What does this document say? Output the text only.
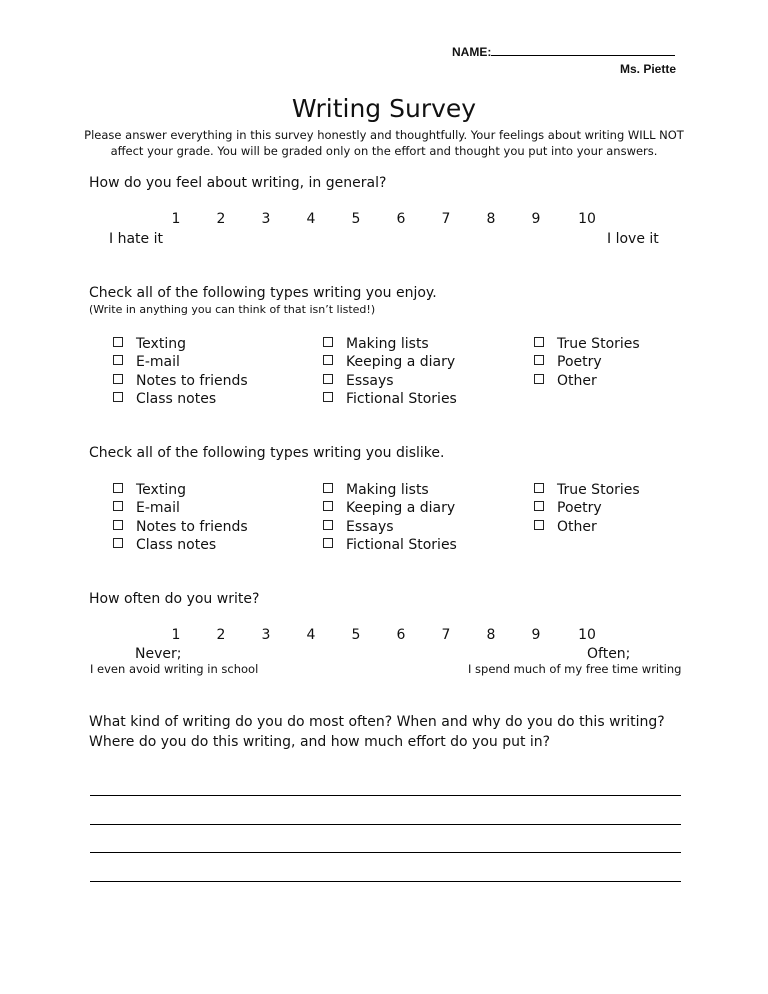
NAME:
Ms. Piette
Writing Survey
Please answer everything in this survey honestly and thoughtfully. Your feelings about writing WILL NOT affect your grade. You will be graded only on the effort and thought you put into your answers.
How do you feel about writing, in general?
1	2	3	4	5	6	7	8	9	10
I hate it	I love it
Check all of the following types writing you enjoy.
(Write in anything you can think of that isn’t listed!)
Texting
E-mail
Notes to friends
Class notes
Making lists
Keeping a diary
Essays
Fictional Stories
True Stories
Poetry
Other
Check all of the following types writing you dislike.
Texting
E-mail
Notes to friends
Class notes
Making lists
Keeping a diary
Essays
Fictional Stories
True Stories
Poetry
Other
How often do you write?
1	2	3	4	5	6	7	8	9	10
Never;
I even avoid writing in school
Often;
I spend much of my free time writing
What kind of writing do you do most often? When and why do you do this writing?
Where do you do this writing, and how much effort do you put in?
